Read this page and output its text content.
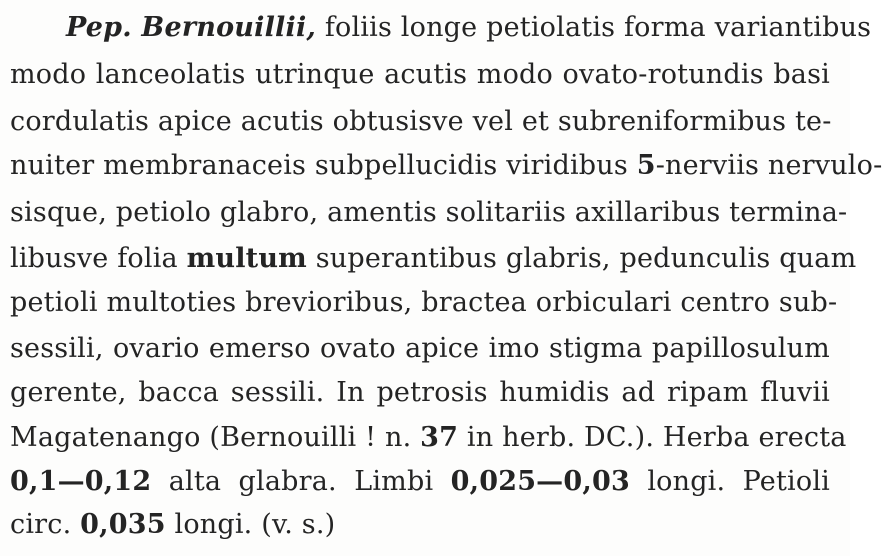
Pep. Bernouillii, foliis longe petiolatis forma variantibus
modo lanceolatis utrinque acutis modo ovato-rotundis basi
cordulatis apice acutis obtusisve vel et subreniformibus te-
nuiter membranaceis subpellucidis viridibus 5-nerviis nervulo-
sisque, petiolo glabro, amentis solitariis axillaribus termina-
libusve folia multum superantibus glabris, pedunculis quam
petioli multoties brevioribus, bractea orbiculari centro sub-
sessili, ovario emerso ovato apice imo stigma papillosulum
gerente, bacca sessili. In petrosis humidis ad ripam fluvii
Magatenango (Bernouilli ! n. 37 in herb. DC.). Herba erecta
0,1—0,12 alta glabra. Limbi 0,025—0,03 longi. Petioli
circ. 0,035 longi. (v. s.)
